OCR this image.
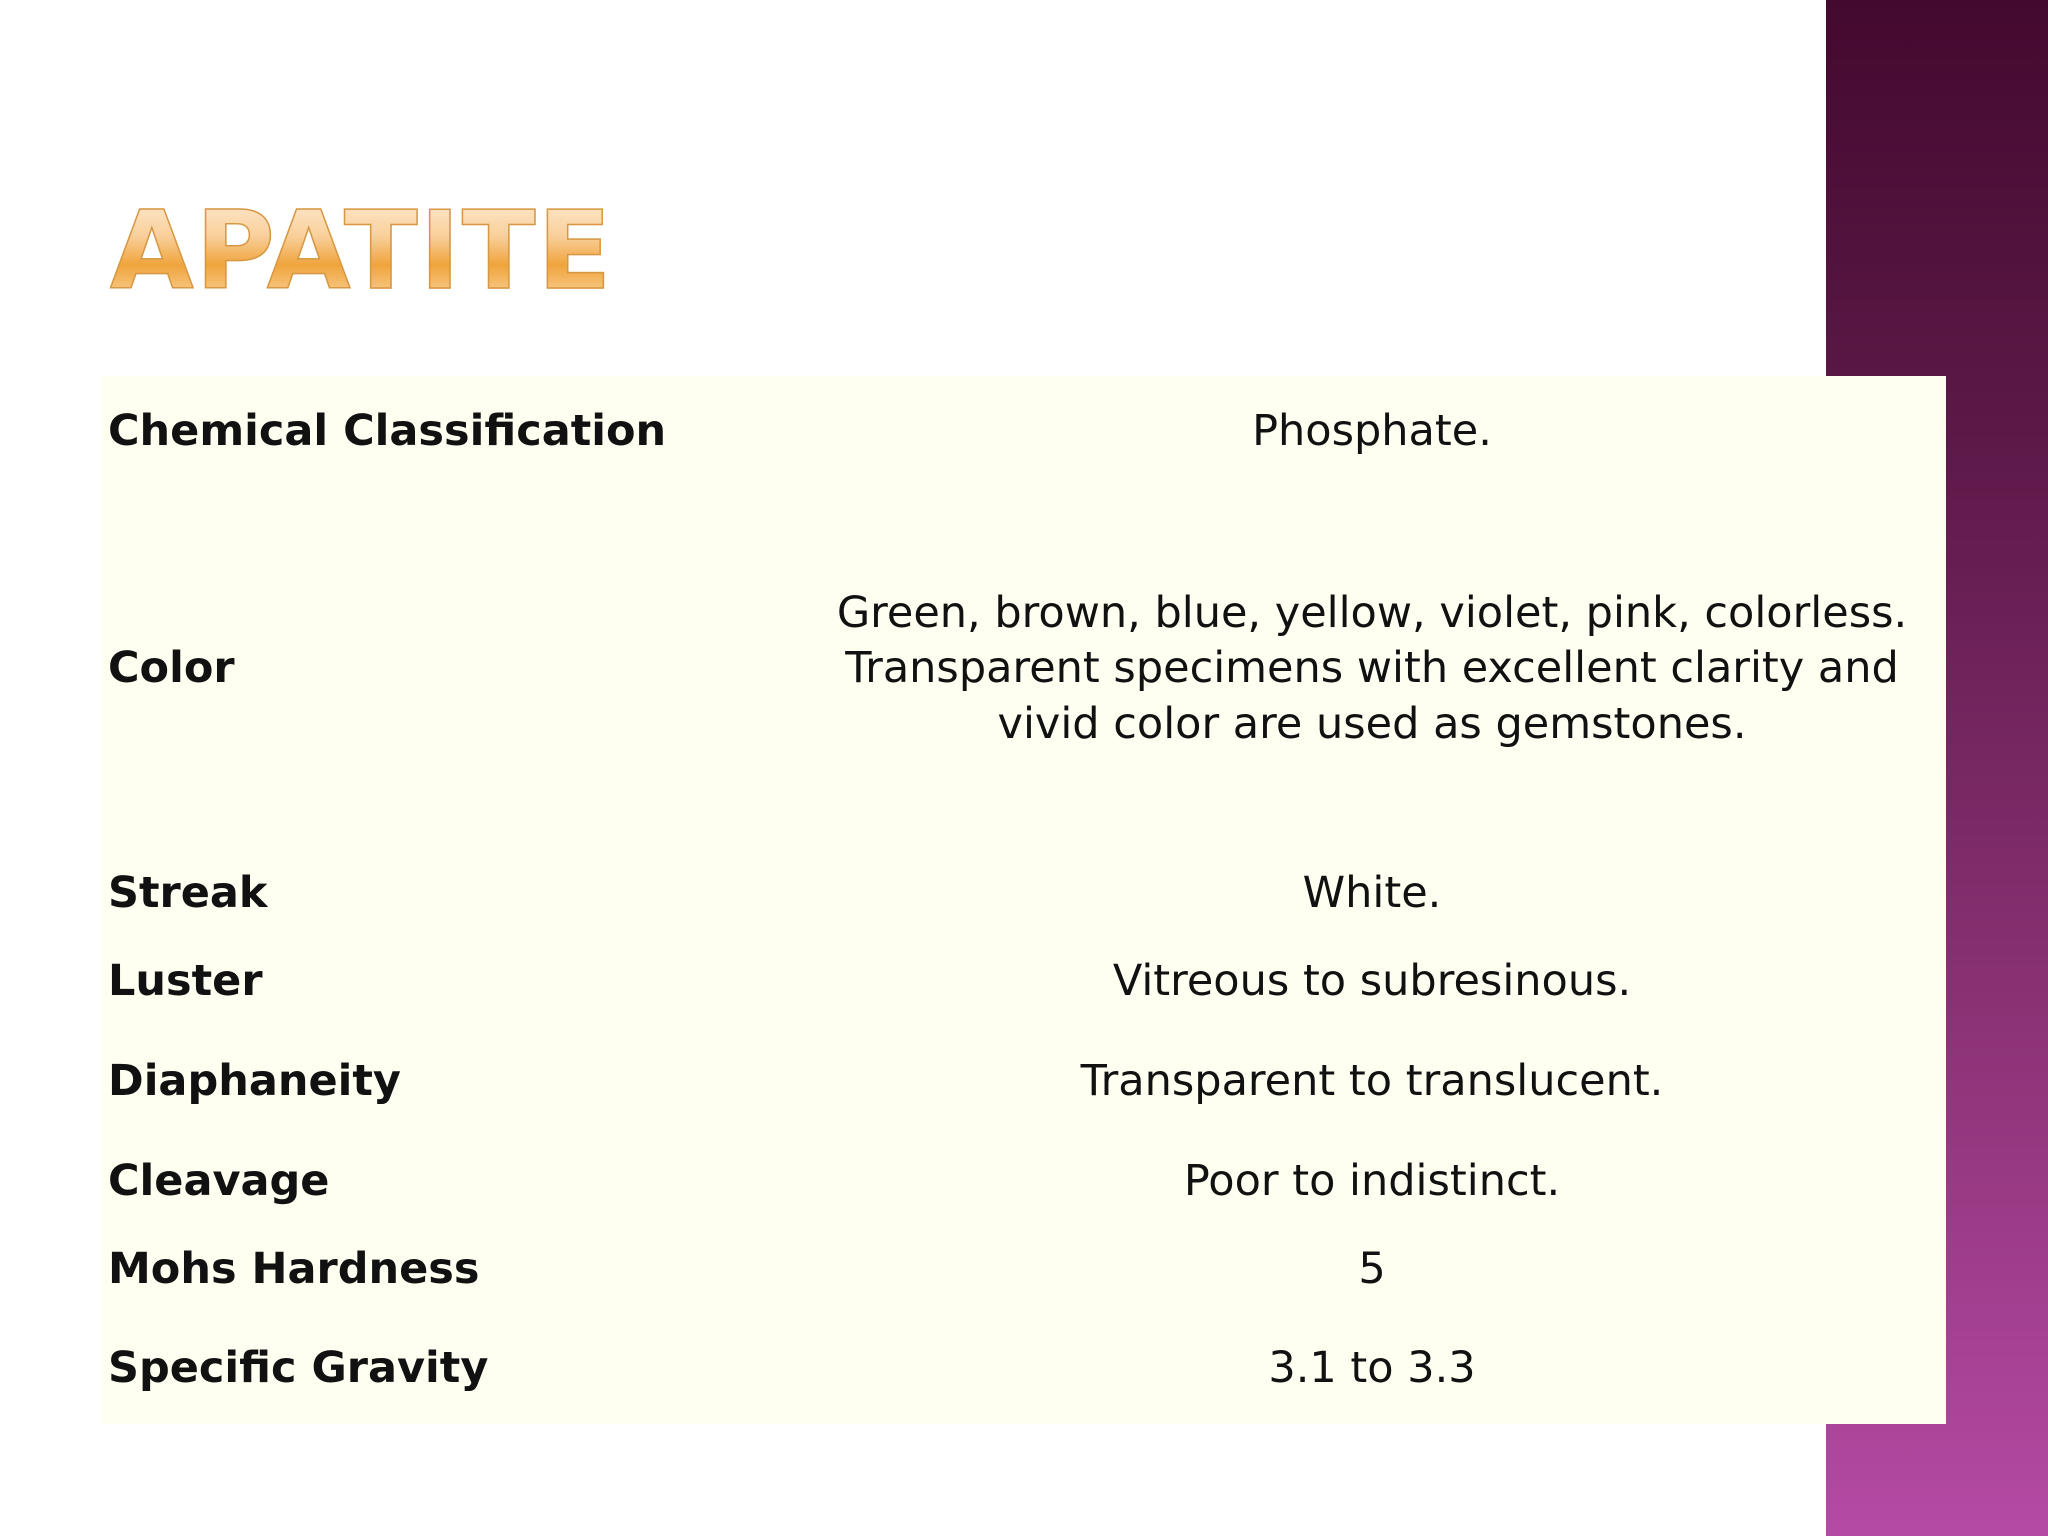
APATITE
Chemical Classification	Phosphate.
Color	Green, brown, blue, yellow, violet, pink, colorless. Transparent specimens with excellent clarity and vivid color are used as gemstones.
Streak	White.
Luster	Vitreous to subresinous.
Diaphaneity	Transparent to translucent.
Cleavage	Poor to indistinct.
Mohs Hardness	5
Specific Gravity	3.1 to 3.3
